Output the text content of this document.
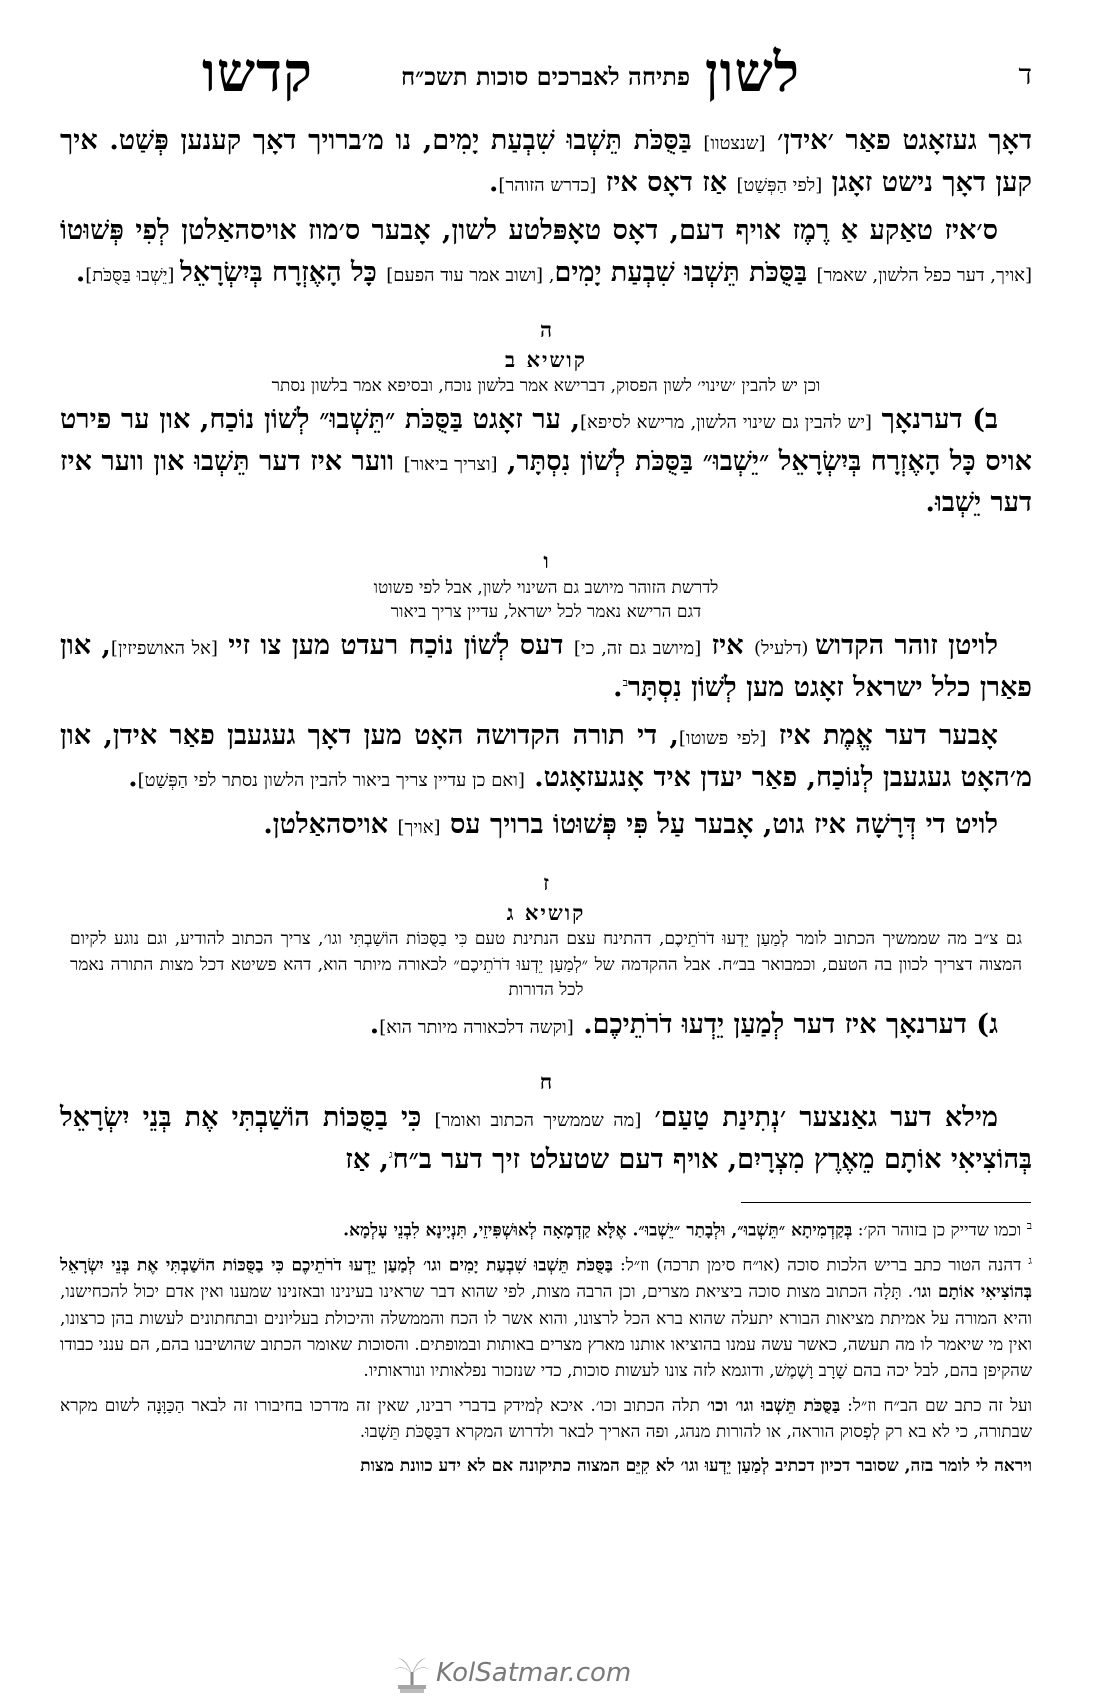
ד
לשון
פתיחה לאברכים סוכות תשכ״ח
קדשו

דאָך געזאָגט פאַר ׳אידן׳ [שנצטוו] בַּסֻּכֹּת תֵּשְׁבוּ שִׁבְעַת יָמִים, נו מ׳ברויך דאָך קענען פְּשַׁט. איך קען דאָך נישט זאָגן [לפי הַפְּשַׁט] אַז דאָס איז [כדרש הזוהר].

ס׳איז טאַקע אַ רֶמֶז אויף דעם, דאָס טאָפּלטע לשון, אָבער ס׳מוז אויסהאַלטן לְפִי פְּשׁוּטוֹ [אויך, דער כפל הלשון, שאמר] בַּסֻּכֹּת תֵּשְׁבוּ שִׁבְעַת יָמִים, [ושוב אמר עוד הפעם] כָּל הָאֶזְרָח בְּיִשְׂרָאֵל [יֵשְׁבוּ בַּסֻּכֹּת].

ה
קושיא ב
וכן יש להבין ׳שינוי׳ לשון הפסוק, דברישא אמר בלשון נוכח, ובסיפא אמר בלשון נסתר

ב) דערנאָך [יש להבין גם שינוי הלשון, מרישא לסיפא], ער זאָגט בַּסֻּכֹּת ״תֵּשְׁבוּ״ לְשׁוֹן נוֹכַח, און ער פירט אויס כָּל הָאֶזְרָח בְּיִשְׂרָאֵל ״יֵשְׁבוּ״ בַּסֻּכֹּת לְשׁוֹן נִסְתָּר, [וצריך ביאור] ווער איז דער תֵּשְׁבוּ און ווער איז דער יֵשְׁבוּ.

ו
לדרשת הזוהר מיושב גם השינוי לשון, אבל לפי פשוטו
דגם הרישא נאמר לכל ישראל, עדיין צריך ביאור

לויטן זוהר הקדוש (דלעיל) איז [מיושב גם זה, כי] דעס לְשׁוֹן נוֹכַח רעדט מען צו זיי [אל האושפיזין], און פאַרן כלל ישראל זאָגט מען לְשׁוֹן נִסְתָּר$^ב$.

אָבער דער אֱמֶת איז [לפי פשוטו], די תורה הקדושה האָט מען דאָך געגעבן פאַר אידן, און מ׳האָט געגעבן לְנוֹכַח, פאַר יעדן איד אָנגעזאָגט. [ואם כן עדיין צריך ביאור להבין הלשון נסתר לפי הַפְּשַׁט].

לויט די דְּרָשָׁה איז גוט, אָבער עַל פִּי פְּשׁוּטוֹ ברויך עס [אויך] אויסהאַלטן.

ז
קושיא ג
גם צ״ב מה שממשיך הכתוב לומר לְמַעַן יֵדְעוּ דֹרֹתֵיכֶם, דהתינח עצם הנתינת טעם כִּי בַסֻּכּוֹת הוֹשַׁבְתִּי וגו׳, צריך הכתוב להודיע, וגם נוגע לקיום המצוה דצריך לכוון בה הטעם, וכמבואר בב״ח. אבל ההקדמה של ״לְמַעַן יֵדְעוּ דֹרֹתֵיכֶם״ לכאורה מיותר הוא, דהא פשיטא דכל מצות התורה נאמר לכל הדורות

ג) דערנאָך איז דער לְמַעַן יֵדְעוּ דֹרֹתֵיכֶם. [וקשה דלכאורה מיותר הוא].

ח

מילא דער גאַנצער ׳נְתִינַת טַעַם׳ [מה שממשיך הכתוב ואומר] כִּי בַסֻּכּוֹת הוֹשַׁבְתִּי אֶת בְּנֵי יִשְׂרָאֵל בְּהוֹצִיאִי אוֹתָם מֵאֶרֶץ מִצְרָיִם, אויף דעם שטעלט זיך דער ב״ח$^ג$, אַז

$^ב$ וכמו שדייק כן בזוהר הק׳: בְּקַדְמִיתָא ״תֵּשְׁבוּ״, וּלְבָתַר ״יֵשְׁבוּ״. אֶלָּא קַדְמָאָה לְאוּשְׁפִּיזֵי, תִּנְיָינָא לִבְנֵי עָלְמָא.

$^ג$ דהנה הטור כתב בריש הלכות סוכה (או״ח סימן תרכה) וז״ל: בַּסֻּכֹּת תֵּשְׁבוּ שִׁבְעַת יָמִים וגו׳ לְמַעַן יֵדְעוּ דֹרֹתֵיכֶם כִּי בַסֻּכּוֹת הוֹשַׁבְתִּי אֶת בְּנֵי יִשְׂרָאֵל בְּהוֹצִיאִי אוֹתָם וגו׳. תָּלָה הכתוב מצות סוכה ביציאת מצרים, וכן הרבה מצות, לפי שהוא דבר שראינו בעינינו ובאזנינו שמענו ואין אדם יכול להכחישנו, והיא המורה על אמיתת מציאות הבורא יתעלה שהוא ברא הכל לרצונו, והוא אשר לו הכח והממשלה והיכולת בעליונים ובתחתונים לעשות בהן כרצונו, ואין מי שיאמר לו מה תעשה, כאשר עשה עמנו בהוציאו אותנו מארץ מצרים באותות ובמופתים. והסוכות שאומר הכתוב שהושיבנו בהם, הם ענני כבודו שהקיפן בהם, לבל יכה בהם שָׁרָב וָשֶׁמֶשׁ, ודוגמא לזה צונו לעשות סוכות, כדי שנזכור נפלאותיו ונוראותיו.

ועל זה כתב שם הב״ח וז״ל: בַּסֻּכֹּת תֵּשְׁבוּ וגו׳ וכו׳ תלה הכתוב וכו׳. איכא לְמידק בדברי רבינו, שאין זה מדרכו בחיבורו זה לבאר הַכַּוָּנָה לשום מקרא שבתורה, כי לא בא רק לְפְסוק הוראה, או להורות מנהג, ופה האריך לבאר ולדרוש המקרא דבַּסֻּכֹּת תֵּשְׁבוּ.

ויראה לי לומר בזה, שסובר דכיון דכתיב לְמַעַן יֵדְעוּ וגו׳ לא קִיֵּם המצוה כתיקונה אם לא ידע כוונת מצות

KolSatmar.com
